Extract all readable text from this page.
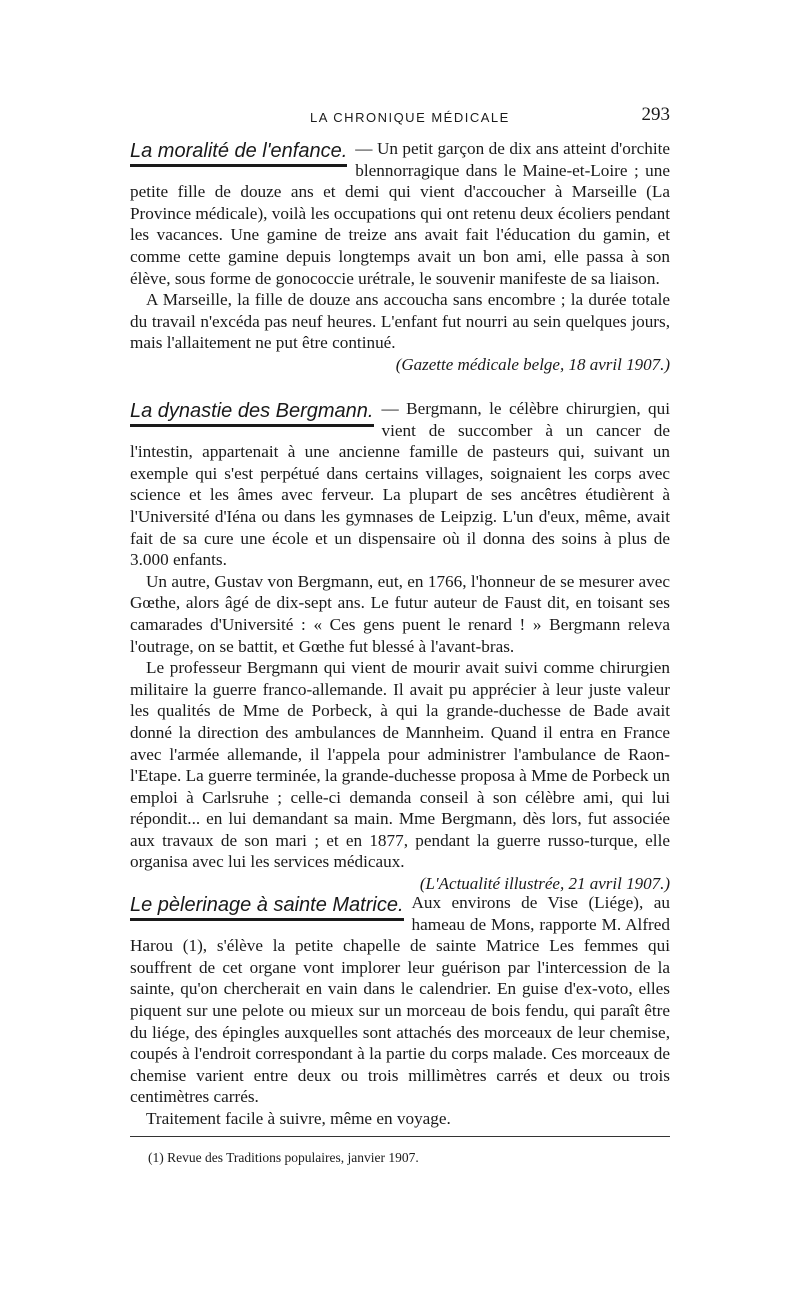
LA CHRONIQUE MÉDICALE	293

La moralité de l'enfance. — Un petit garçon de dix ans atteint d'orchite blennorragique dans le Maine-et-Loire ; une petite fille de douze ans et demi qui vient d'accoucher à Marseille (La Province médicale), voilà les occupations qui ont retenu deux écoliers pendant les vacances. Une gamine de treize ans avait fait l'éducation du gamin, et comme cette gamine depuis longtemps avait un bon ami, elle passa à son élève, sous forme de gonococcie urétrale, le souvenir manifeste de sa liaison.

A Marseille, la fille de douze ans accoucha sans encombre ; la durée totale du travail n'excéda pas neuf heures. L'enfant fut nourri au sein quelques jours, mais l'allaitement ne put être continué.

(Gazette médicale belge, 18 avril 1907.)

La dynastie des Bergmann. — Bergmann, le célèbre chirurgien, qui vient de succomber à un cancer de l'intestin, appartenait à une ancienne famille de pasteurs qui, suivant un exemple qui s'est perpétué dans certains villages, soignaient les corps avec science et les âmes avec ferveur. La plupart de ses ancêtres étudièrent à l'Université d'Iéna ou dans les gymnases de Leipzig. L'un d'eux, même, avait fait de sa cure une école et un dispensaire où il donna des soins à plus de 3.000 enfants.

Un autre, Gustav von Bergmann, eut, en 1766, l'honneur de se mesurer avec Gœthe, alors âgé de dix-sept ans. Le futur auteur de Faust dit, en toisant ses camarades d'Université : « Ces gens puent le renard ! » Bergmann releva l'outrage, on se battit, et Gœthe fut blessé à l'avant-bras.

Le professeur Bergmann qui vient de mourir avait suivi comme chirurgien militaire la guerre franco-allemande. Il avait pu apprécier à leur juste valeur les qualités de Mme de Porbeck, à qui la grande-duchesse de Bade avait donné la direction des ambulances de Mannheim. Quand il entra en France avec l'armée allemande, il l'appela pour administrer l'ambulance de Raon-l'Etape. La guerre terminée, la grande-duchesse proposa à Mme de Porbeck un emploi à Carlsruhe ; celle-ci demanda conseil à son célèbre ami, qui lui répondit... en lui demandant sa main. Mme Bergmann, dès lors, fut associée aux travaux de son mari ; et en 1877, pendant la guerre russo-turque, elle organisa avec lui les services médicaux.

(L'Actualité illustrée, 21 avril 1907.)

Le pèlerinage à sainte Matrice. Aux environs de Vise (Liége), au hameau de Mons, rapporte M. Alfred Harou (1), s'élève la petite chapelle de sainte Matrice Les femmes qui souffrent de cet organe vont implorer leur guérison par l'intercession de la sainte, qu'on chercherait en vain dans le calendrier. En guise d'ex-voto, elles piquent sur une pelote ou mieux sur un morceau de bois fendu, qui paraît être du liége, des épingles auxquelles sont attachés des morceaux de leur chemise, coupés à l'endroit correspondant à la partie du corps malade. Ces morceaux de chemise varient entre deux ou trois millimètres carrés et deux ou trois centimètres carrés.

Traitement facile à suivre, même en voyage.

(1) Revue des Traditions populaires, janvier 1907.
